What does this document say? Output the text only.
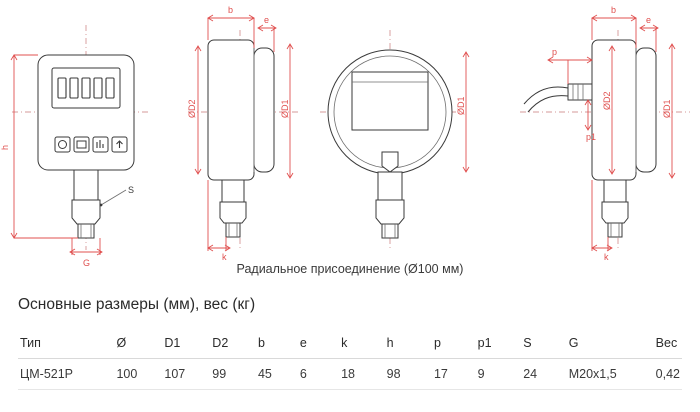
h
G
S
b
e
ØD2	ØD1
k
ØD1
b
e
p
p1
ØD2	ØD1
k
Радиальное присоединение (Ø100 мм)
Основные размеры (мм), вес (кг)
Тип	Ø	D1	D2	b	e	k	h	p	p1	S	G	Вес
ЦМ-521Р	100	107	99	45	6	18	98	17	9	24	M20x1,5	0,42
